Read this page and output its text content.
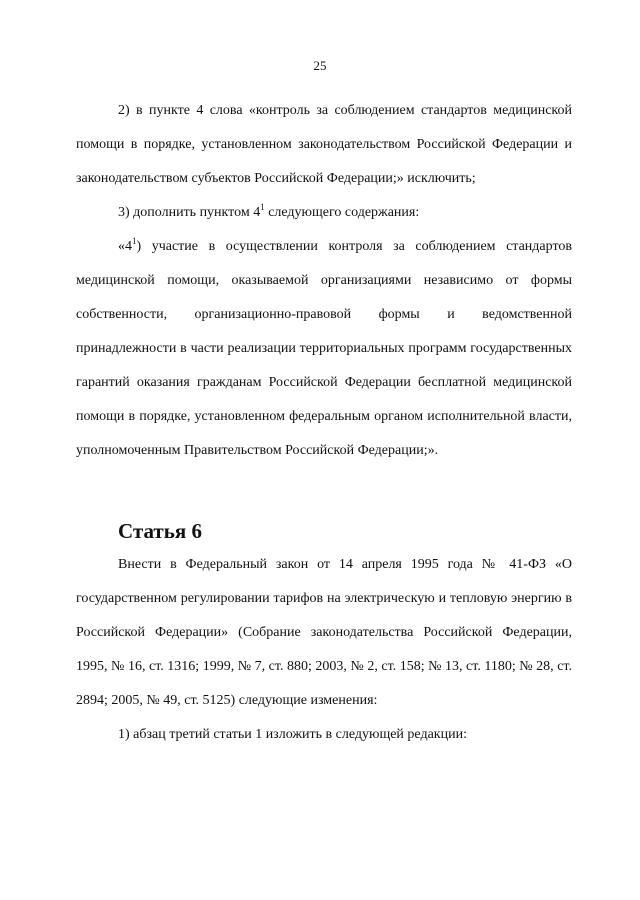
25

2) в пункте 4 слова «контроль за соблюдением стандартов медицинской помощи в порядке, установленном законодательством Российской Федерации и законодательством субъектов Российской Федерации;» исключить;

3) дополнить пунктом $4^1$ следующего содержания:

«$4^1$) участие в осуществлении контроля за соблюдением стандартов медицинской помощи, оказываемой организациями независимо от формы собственности, организационно-правовой формы и ведомственной принадлежности в части реализации территориальных программ государственных гарантий оказания гражданам Российской Федерации бесплатной медицинской помощи в порядке, установленном федеральным органом исполнительной власти, уполномоченным Правительством Российской Федерации;».

Статья 6

Внести в Федеральный закон от 14 апреля 1995 года № 41-ФЗ «О государственном регулировании тарифов на электрическую и тепловую энергию в Российской Федерации» (Собрание законодательства Российской Федерации, 1995, № 16, ст. 1316; 1999, № 7, ст. 880; 2003, № 2, ст. 158; № 13, ст. 1180; № 28, ст. 2894; 2005, № 49, ст. 5125) следующие изменения:

1) абзац третий статьи 1 изложить в следующей редакции:
